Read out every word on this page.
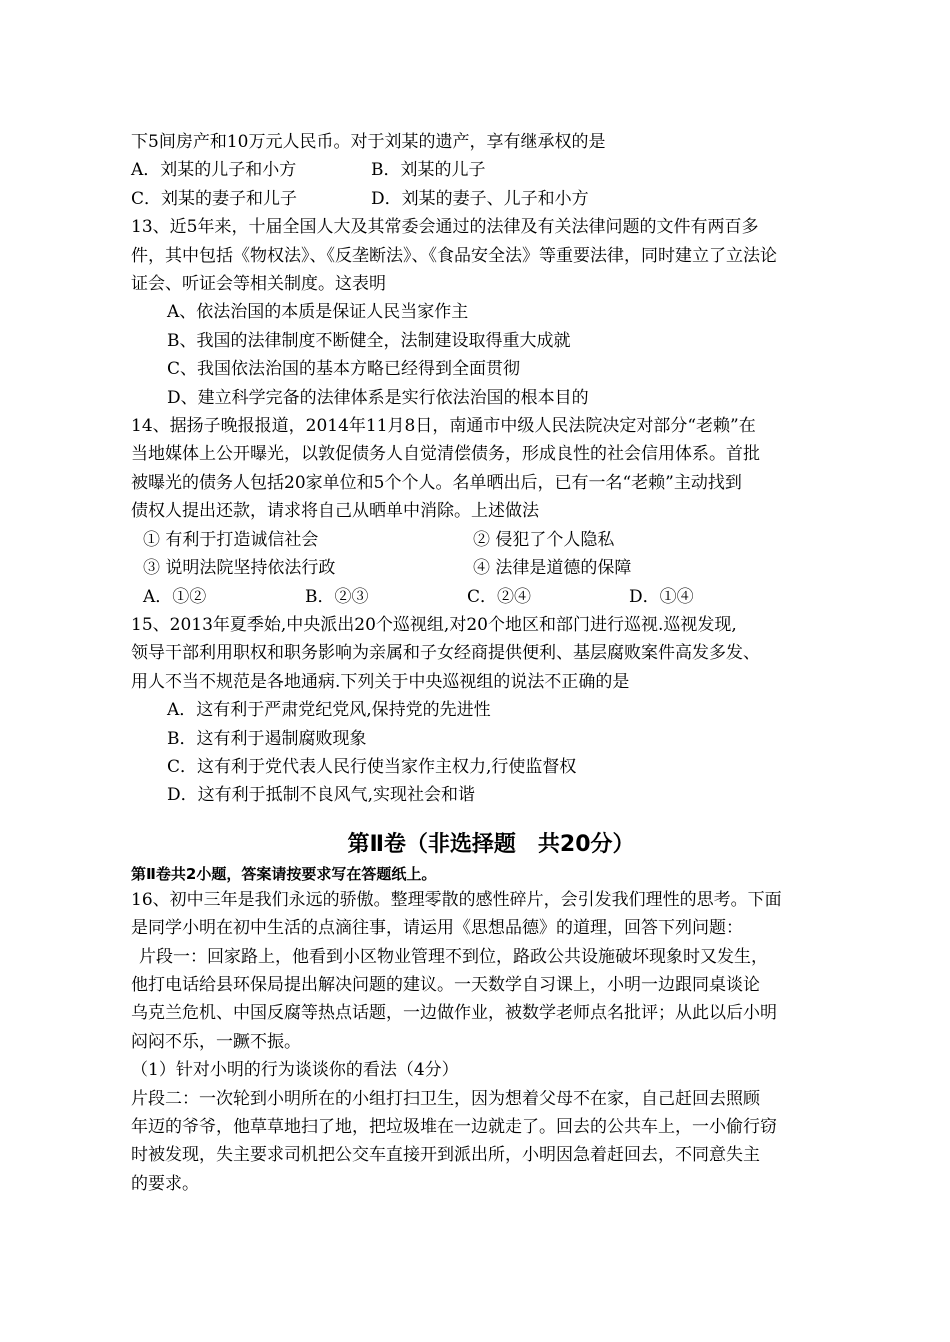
下5间房产和10万元人民币。对于刘某的遗产，享有继承权的是
A．刘某的儿子和小方	B．刘某的儿子
C．刘某的妻子和儿子	D．刘某的妻子、儿子和小方
13、近5年来，十届全国人大及其常委会通过的法律及有关法律问题的文件有两百多
件，其中包括《物权法》、《反垄断法》、《食品安全法》等重要法律，同时建立了立法论
证会、听证会等相关制度。这表明
A、依法治国的本质是保证人民当家作主
B、我国的法律制度不断健全，法制建设取得重大成就
C、我国依法治国的基本方略已经得到全面贯彻
D、建立科学完备的法律体系是实行依法治国的根本目的
14、据扬子晚报报道，2014年11月8日，南通市中级人民法院决定对部分“老赖”在
当地媒体上公开曝光，以敦促债务人自觉清偿债务，形成良性的社会信用体系。首批
被曝光的债务人包括20家单位和5个个人。名单晒出后，已有一名“老赖”主动找到
债权人提出还款，请求将自己从晒单中消除。上述做法
① 有利于打造诚信社会	② 侵犯了个人隐私
③ 说明法院坚持依法行政	④ 法律是道德的保障
A．①②	B．②③	C．②④	D．①④
15、2013年夏季始,中央派出20个巡视组,对20个地区和部门进行巡视.巡视发现,
领导干部利用职权和职务影响为亲属和子女经商提供便利、基层腐败案件高发多发、
用人不当不规范是各地通病.下列关于中央巡视组的说法不正确的是
A．这有利于严肃党纪党风,保持党的先进性
B．这有利于遏制腐败现象
C．这有利于党代表人民行使当家作主权力,行使监督权
D．这有利于抵制不良风气,实现社会和谐
第Ⅱ卷（非选择题　共20分）
第Ⅱ卷共2小题，答案请按要求写在答题纸上。
16、初中三年是我们永远的骄傲。整理零散的感性碎片，会引发我们理性的思考。下面
是同学小明在初中生活的点滴往事，请运用《思想品德》的道理，回答下列问题：
片段一：回家路上，他看到小区物业管理不到位，路政公共设施破坏现象时又发生，
他打电话给县环保局提出解决问题的建议。一天数学自习课上，小明一边跟同桌谈论
乌克兰危机、中国反腐等热点话题，一边做作业，被数学老师点名批评；从此以后小明
闷闷不乐，一蹶不振。
（1）针对小明的行为谈谈你的看法（4分）
片段二：一次轮到小明所在的小组打扫卫生，因为想着父母不在家，自己赶回去照顾
年迈的爷爷，他草草地扫了地，把垃圾堆在一边就走了。回去的公共车上，一小偷行窃
时被发现，失主要求司机把公交车直接开到派出所，小明因急着赶回去，不同意失主
的要求。
